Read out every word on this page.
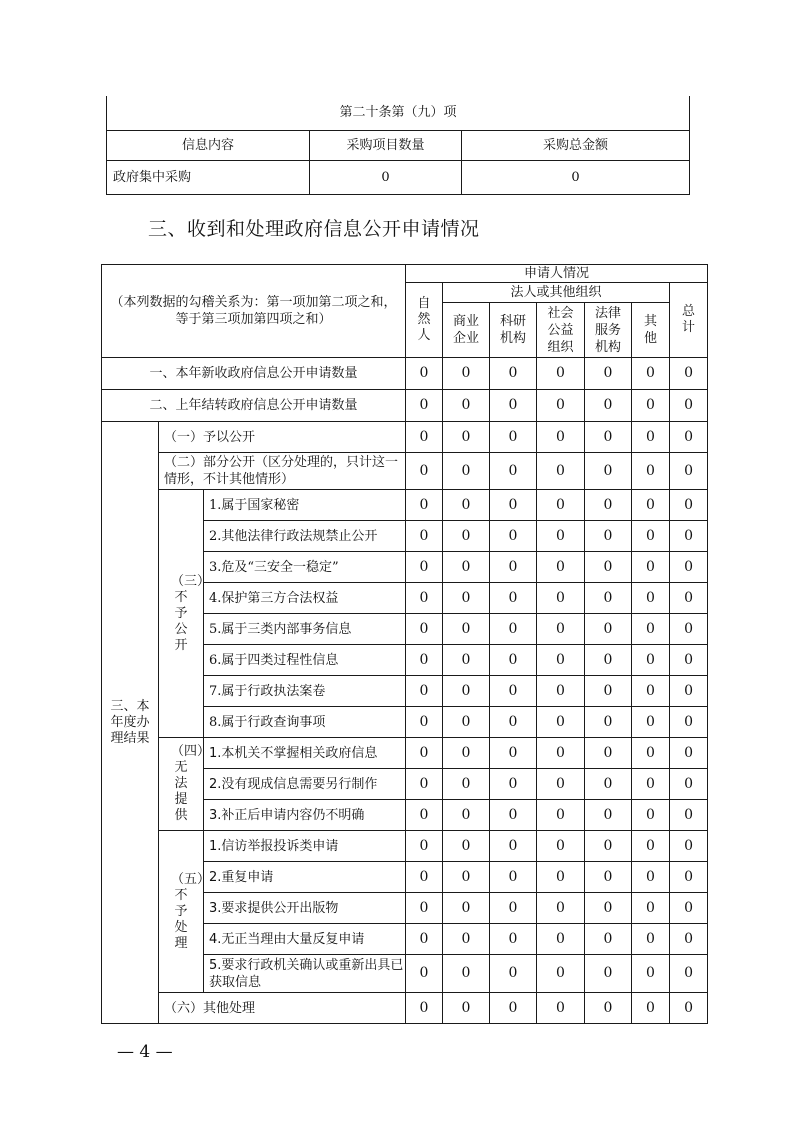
第二十条第（九）项		
信息内容	采购项目数量	采购总金额
政府集中采购	0	0
三、收到和处理政府信息公开申请情况
（本列数据的勾稽关系为：第一项加第二项之和，等于第三项加第四项之和）			申请人情况						
			自然人	法人或其他组织					总计
				商业企业	科研机构	社会公益组织	法律服务机构	其他	
一、本年新收政府信息公开申请数量			0	0	0	0	0	0	0
二、上年结转政府信息公开申请数量			0	0	0	0	0	0	0
三、本年度办理结果	（一）予以公开		0	0	0	0	0	0	0
	（二）部分公开（区分处理的，只计这一情形，不计其他情形）		0	0	0	0	0	0	0
	（三）不予公开	1.属于国家秘密	0	0	0	0	0	0	0
		2.其他法律行政法规禁止公开	0	0	0	0	0	0	0
		3.危及“三安全一稳定”	0	0	0	0	0	0	0
		4.保护第三方合法权益	0	0	0	0	0	0	0
		5.属于三类内部事务信息	0	0	0	0	0	0	0
		6.属于四类过程性信息	0	0	0	0	0	0	0
		7.属于行政执法案卷	0	0	0	0	0	0	0
		8.属于行政查询事项	0	0	0	0	0	0	0
	（四）无法提供	1.本机关不掌握相关政府信息	0	0	0	0	0	0	0
		2.没有现成信息需要另行制作	0	0	0	0	0	0	0
		3.补正后申请内容仍不明确	0	0	0	0	0	0	0
	（五）不予处理	1.信访举报投诉类申请	0	0	0	0	0	0	0
		2.重复申请	0	0	0	0	0	0	0
		3.要求提供公开出版物	0	0	0	0	0	0	0
		4.无正当理由大量反复申请	0	0	0	0	0	0	0
		5.要求行政机关确认或重新出具已获取信息	0	0	0	0	0	0	0
	（六）其他处理		0	0	0	0	0	0	0
— 4 —
